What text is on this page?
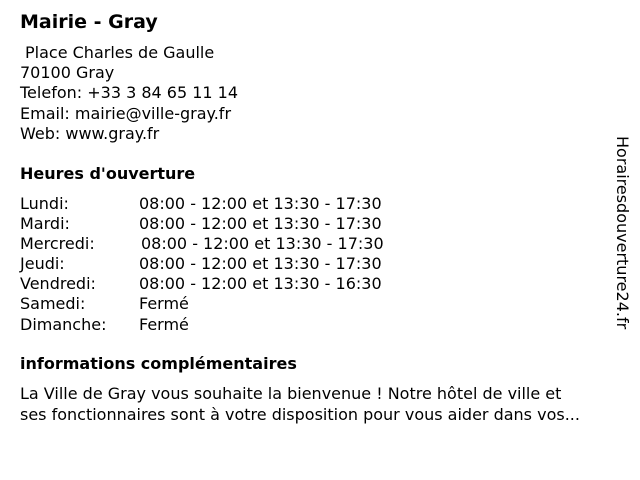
Mairie - Gray
Place Charles de Gaulle
70100 Gray
Telefon: +33 3 84 65 11 14
Email: mairie@ville-gray.fr
Web: www.gray.fr
Heures d'ouverture
Lundi:	08:00 - 12:00 et 13:30 - 17:30
Mardi:	08:00 - 12:00 et 13:30 - 17:30
Mercredi:	08:00 - 12:00 et 13:30 - 17:30
Jeudi:	08:00 - 12:00 et 13:30 - 17:30
Vendredi:	08:00 - 12:00 et 13:30 - 16:30
Samedi:	Fermé
Dimanche: Fermé
informations complémentaires
La Ville de Gray vous souhaite la bienvenue ! Notre hôtel de ville et
ses fonctionnaires sont à votre disposition pour vous aider dans vos...
Horairesdouverture24.fr
